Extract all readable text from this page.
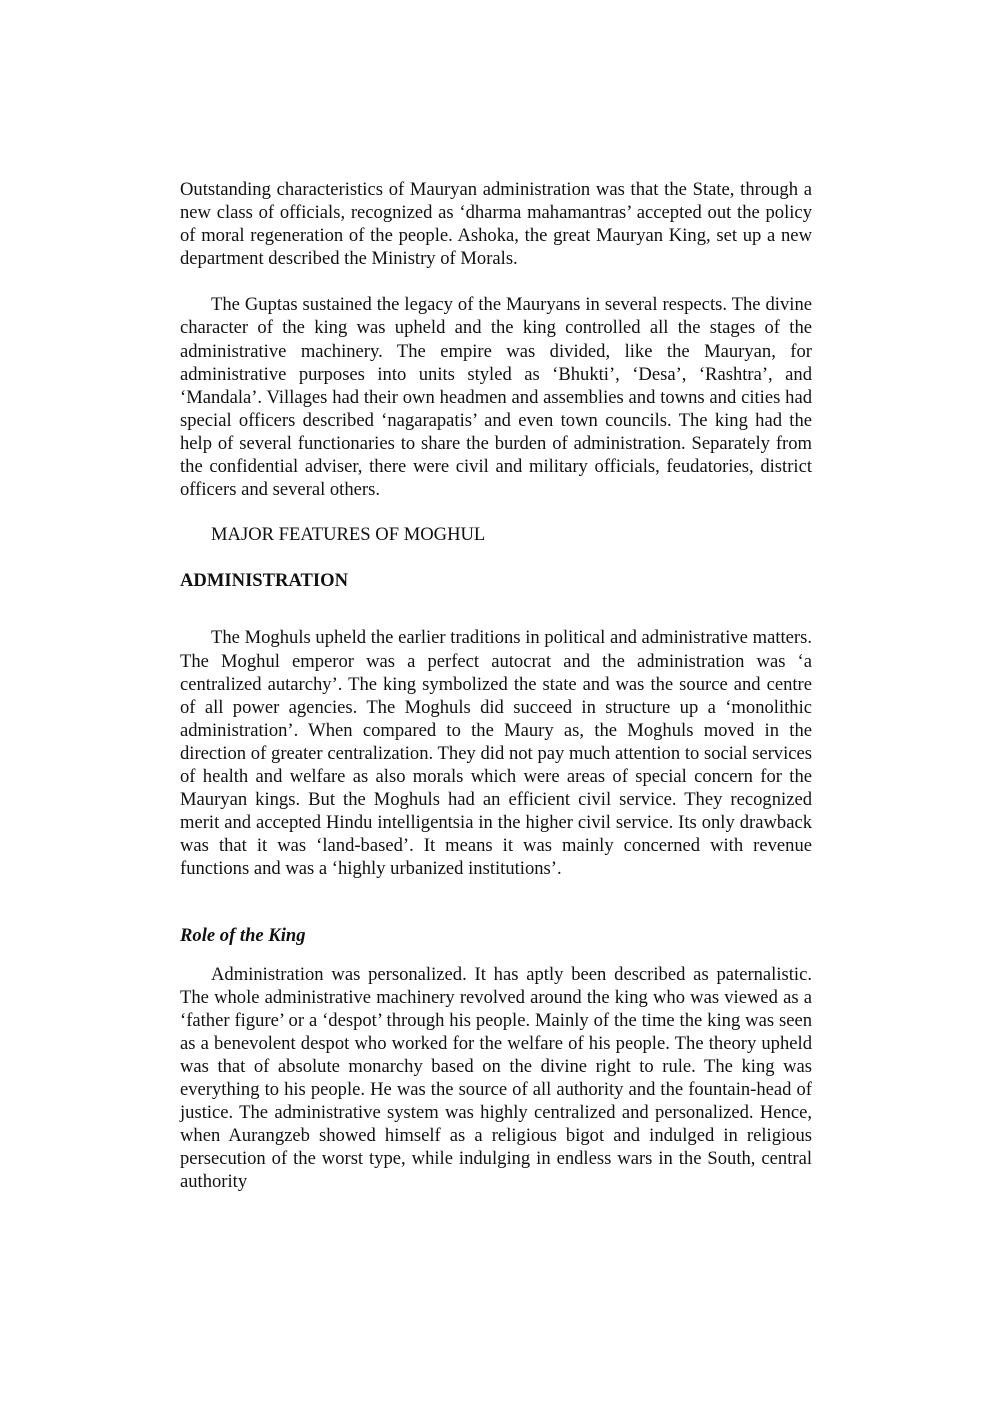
Outstanding characteristics of Mauryan administration was that the State, through a new class of officials, recognized as ‘dharma mahamantras’ accepted out the policy of moral regeneration of the people. Ashoka, the great Mauryan King, set up a new department described the Ministry of Morals.

The Guptas sustained the legacy of the Mauryans in several respects. The divine character of the king was upheld and the king controlled all the stages of the administrative machinery. The empire was divided, like the Mauryan, for administrative purposes into units styled as ‘Bhukti’, ‘Desa’, ‘Rashtra’, and ‘Mandala’. Villages had their own headmen and assemblies and towns and cities had special officers described ‘nagarapatis’ and even town councils. The king had the help of several functionaries to share the burden of administration. Separately from the confidential adviser, there were civil and military officials, feudatories, district officers and several others.

MAJOR FEATURES OF MOGHUL

ADMINISTRATION

The Moghuls upheld the earlier traditions in political and administrative matters. The Moghul emperor was a perfect autocrat and the administration was ‘a centralized autarchy’. The king symbolized the state and was the source and centre of all power agencies. The Moghuls did succeed in structure up a ‘monolithic administration’. When compared to the Maury as, the Moghuls moved in the direction of greater centralization. They did not pay much attention to social services of health and welfare as also morals which were areas of special concern for the Mauryan kings. But the Moghuls had an efficient civil service. They recognized merit and accepted Hindu intelligentsia in the higher civil service. Its only drawback was that it was ‘land-based’. It means it was mainly concerned with revenue functions and was a ‘highly urbanized institutions’.

Role of the King

Administration was personalized. It has aptly been described as paternalistic. The whole administrative machinery revolved around the king who was viewed as a ‘father figure’ or a ‘despot’ through his people. Mainly of the time the king was seen as a benevolent despot who worked for the welfare of his people. The theory upheld was that of absolute monarchy based on the divine right to rule. The king was everything to his people. He was the source of all authority and the fountain-head of justice. The administrative system was highly centralized and personalized. Hence, when Aurangzeb showed himself as a religious bigot and indulged in religious persecution of the worst type, while indulging in endless wars in the South, central authority
